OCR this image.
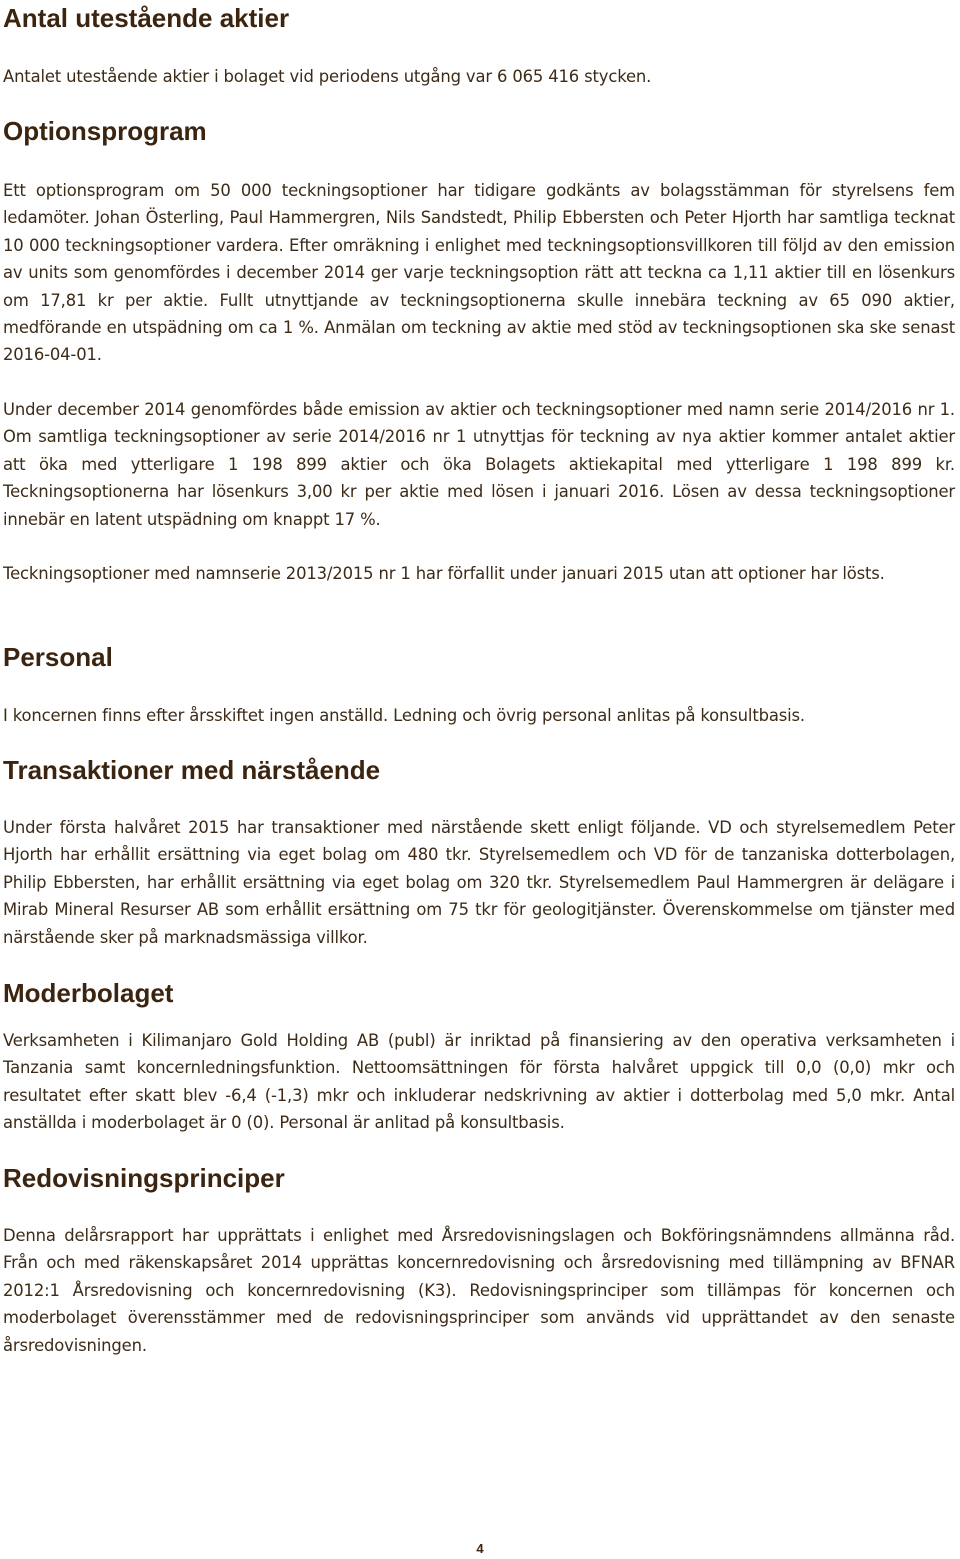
Antal utestående aktier

Antalet utestående aktier i bolaget vid periodens utgång var 6 065 416 stycken.

Optionsprogram

Ett optionsprogram om 50 000 teckningsoptioner har tidigare godkänts av bolagsstämman för styrelsens fem ledamöter. Johan Österling, Paul Hammergren, Nils Sandstedt, Philip Ebbersten och Peter Hjorth har samtliga tecknat 10 000 teckningsoptioner vardera. Efter omräkning i enlighet med teckningsoptionsvillkoren till följd av den emission av units som genomfördes i december 2014 ger varje teckningsoption rätt att teckna ca 1,11 aktier till en lösenkurs om 17,81 kr per aktie. Fullt utnyttjande av teckningsoptionerna skulle innebära teckning av 65 090 aktier, medförande en utspädning om ca 1 %. Anmälan om teckning av aktie med stöd av teckningsoptionen ska ske senast 2016-04-01.

Under december 2014 genomfördes både emission av aktier och teckningsoptioner med namn serie 2014/2016 nr 1. Om samtliga teckningsoptioner av serie 2014/2016 nr 1 utnyttjas för teckning av nya aktier kommer antalet aktier att öka med ytterligare 1 198 899 aktier och öka Bolagets aktiekapital med ytterligare 1 198 899 kr. Teckningsoptionerna har lösenkurs 3,00 kr per aktie med lösen i januari 2016. Lösen av dessa teckningsoptioner innebär en latent utspädning om knappt 17 %.

Teckningsoptioner med namnserie 2013/2015 nr 1 har förfallit under januari 2015 utan att optioner har lösts.

Personal

I koncernen finns efter årsskiftet ingen anställd. Ledning och övrig personal anlitas på konsultbasis.

Transaktioner med närstående

Under första halvåret 2015 har transaktioner med närstående skett enligt följande. VD och styrelsemedlem Peter Hjorth har erhållit ersättning via eget bolag om 480 tkr. Styrelsemedlem och VD för de tanzaniska dotterbolagen, Philip Ebbersten, har erhållit ersättning via eget bolag om 320 tkr. Styrelsemedlem Paul Hammergren är delägare i Mirab Mineral Resurser AB som erhållit ersättning om 75 tkr för geologitjänster. Överenskommelse om tjänster med närstående sker på marknadsmässiga villkor.

Moderbolaget

Verksamheten i Kilimanjaro Gold Holding AB (publ) är inriktad på finansiering av den operativa verksamheten i Tanzania samt koncernledningsfunktion. Nettoomsättningen för första halvåret uppgick till 0,0 (0,0) mkr och resultatet efter skatt blev -6,4 (-1,3) mkr och inkluderar nedskrivning av aktier i dotterbolag med 5,0 mkr. Antal anställda i moderbolaget är 0 (0). Personal är anlitad på konsultbasis.

Redovisningsprinciper

Denna delårsrapport har upprättats i enlighet med Årsredovisningslagen och Bokföringsnämndens allmänna råd. Från och med räkenskapsåret 2014 upprättas koncernredovisning och årsredovisning med tillämpning av BFNAR 2012:1 Årsredovisning och koncernredovisning (K3). Redovisningsprinciper som tillämpas för koncernen och moderbolaget överensstämmer med de redovisningsprinciper som används vid upprättandet av den senaste årsredovisningen.

4
